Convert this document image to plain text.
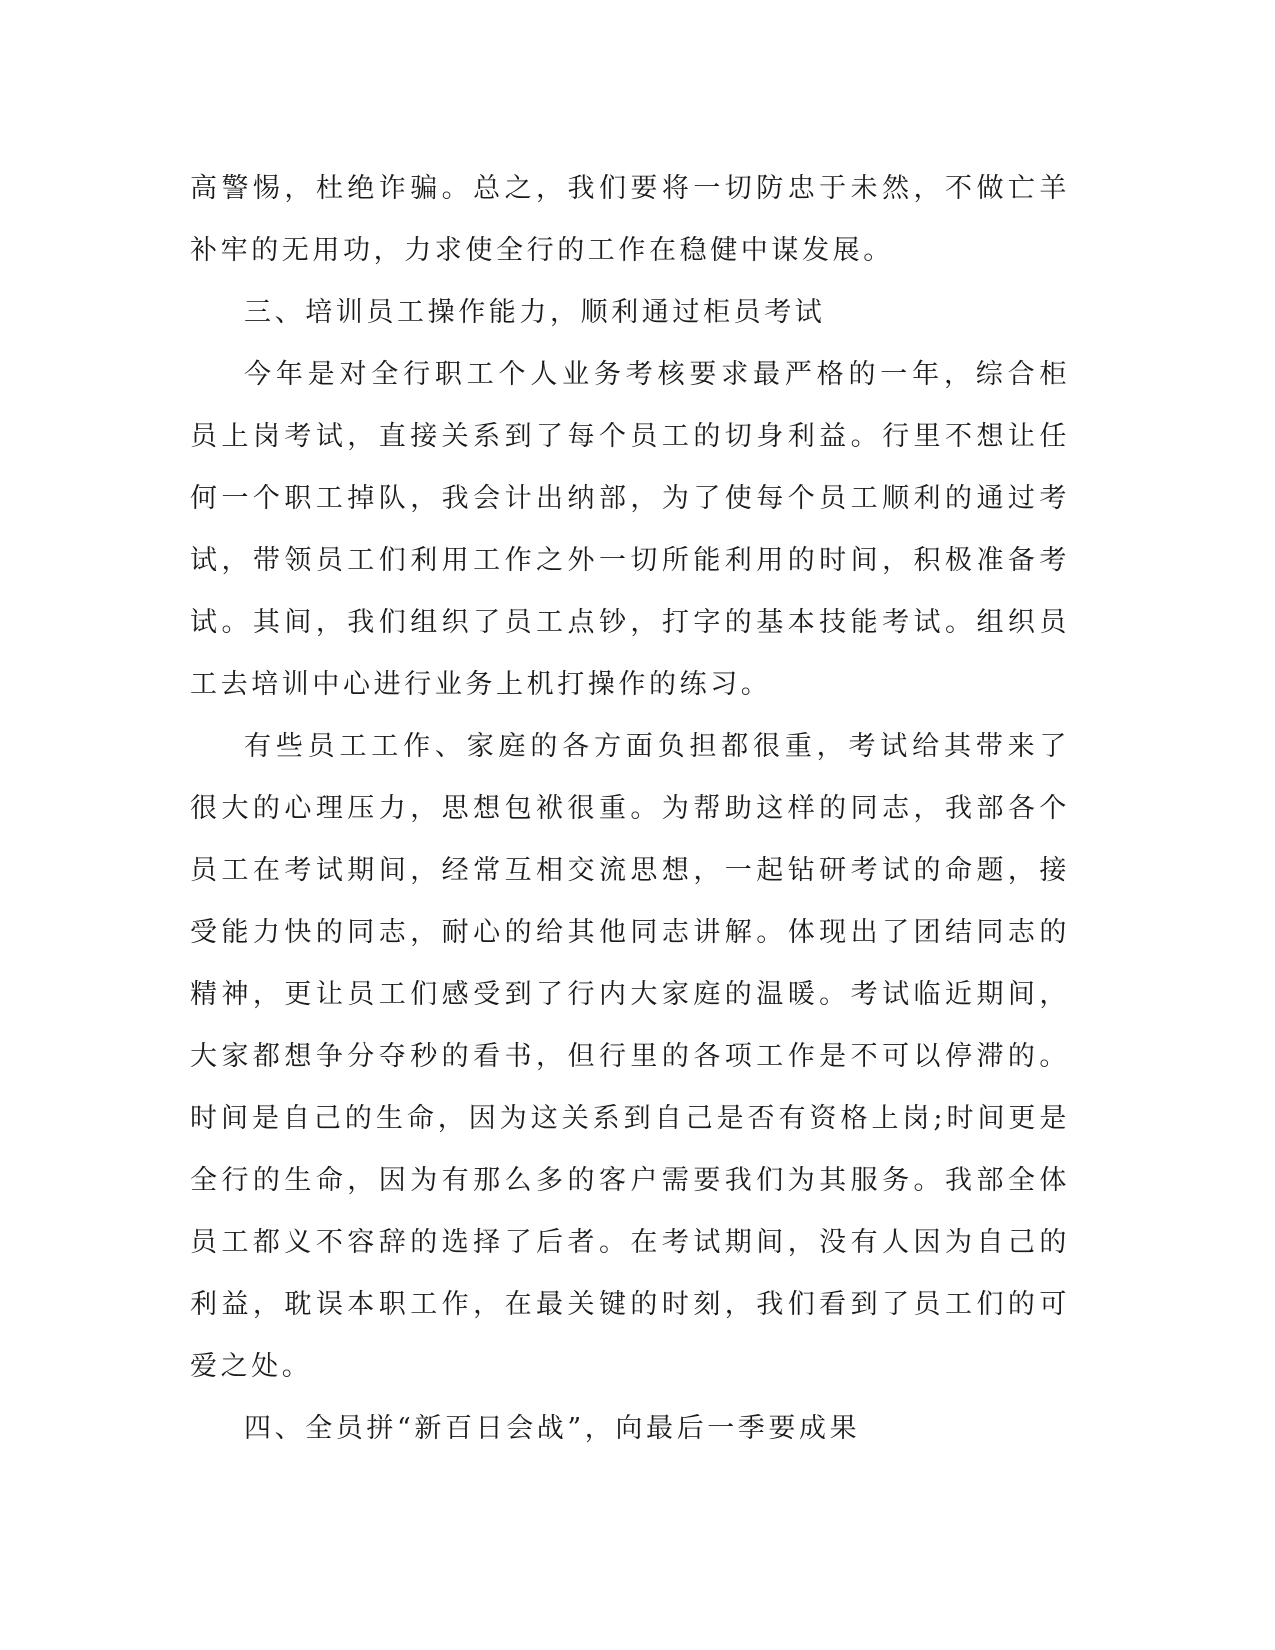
高警惕，杜绝诈骗。总之，我们要将一切防忠于未然，不做亡羊补牢的无用功，力求使全行的工作在稳健中谋发展。

三、培训员工操作能力，顺利通过柜员考试

今年是对全行职工个人业务考核要求最严格的一年，综合柜员上岗考试，直接关系到了每个员工的切身利益。行里不想让任何一个职工掉队，我会计出纳部，为了使每个员工顺利的通过考试，带领员工们利用工作之外一切所能利用的时间，积极准备考试。其间，我们组织了员工点钞，打字的基本技能考试。组织员工去培训中心进行业务上机打操作的练习。

有些员工工作、家庭的各方面负担都很重，考试给其带来了很大的心理压力，思想包袱很重。为帮助这样的同志，我部各个员工在考试期间，经常互相交流思想，一起钻研考试的命题，接受能力快的同志，耐心的给其他同志讲解。体现出了团结同志的精神，更让员工们感受到了行内大家庭的温暖。考试临近期间，大家都想争分夺秒的看书，但行里的各项工作是不可以停滞的。时间是自己的生命，因为这关系到自己是否有资格上岗;时间更是全行的生命，因为有那么多的客户需要我们为其服务。我部全体员工都义不容辞的选择了后者。在考试期间，没有人因为自己的利益，耽误本职工作，在最关键的时刻，我们看到了员工们的可爱之处。

四、全员拼“新百日会战”，向最后一季要成果
